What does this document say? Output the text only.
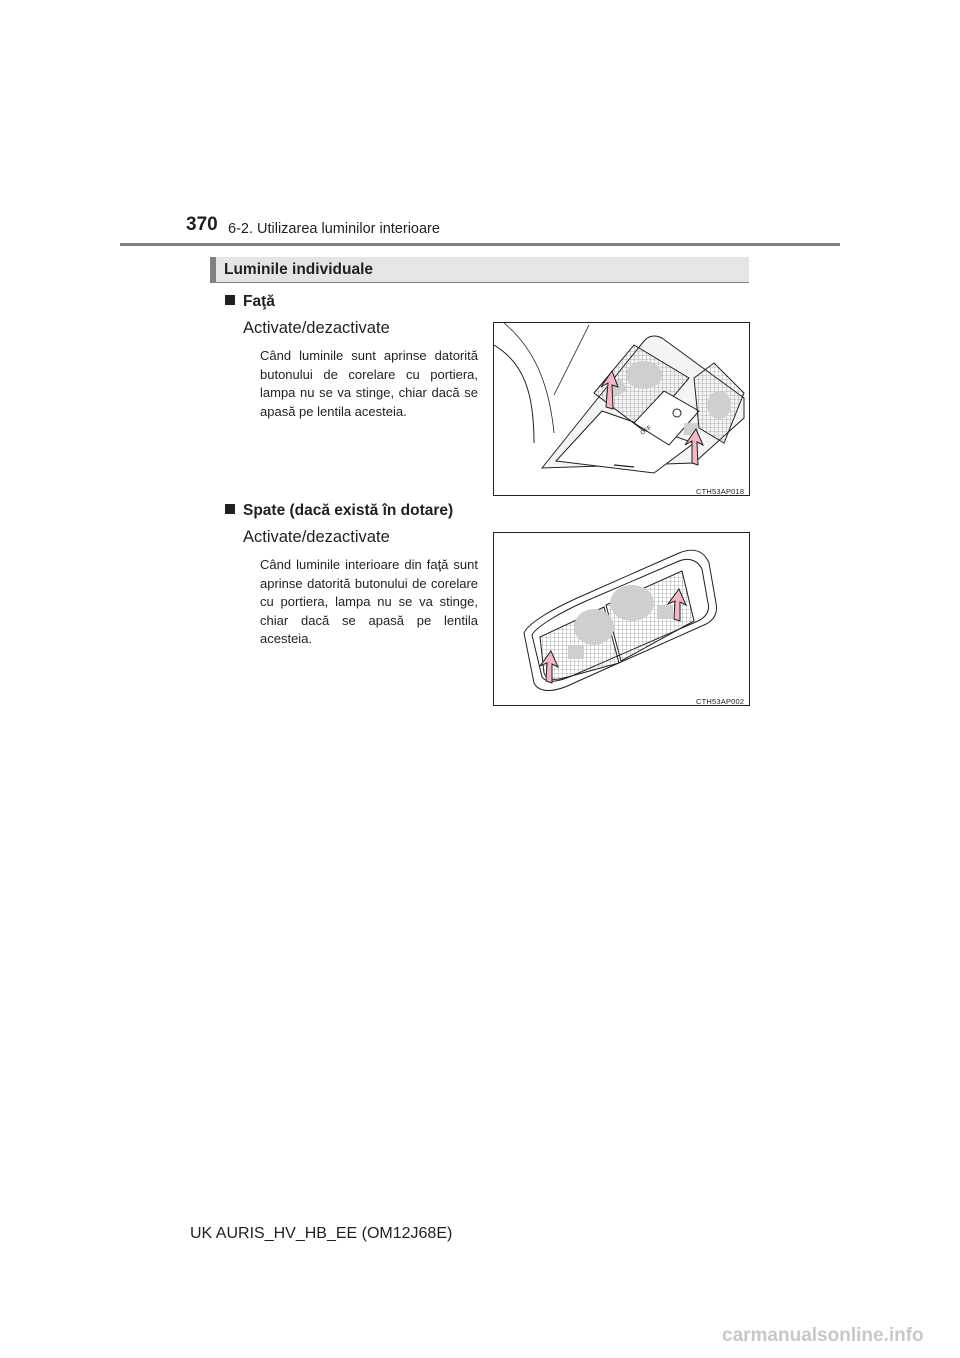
370 6-2. Utilizarea luminilor interioare
Luminile individuale
Faţă
Activate/dezactivate
Când luminile sunt aprinse datorită butonului de corelare cu portiera, lampa nu se va stinge, chiar dacă se apasă pe lentila acesteia.
OFF
CTH53AP018
Spate (dacă există în dotare)
Activate/dezactivate
Când luminile interioare din faţă sunt aprinse datorită butonului de corelare cu portiera, lampa nu se va stinge, chiar dacă se apasă pe lentila acesteia.
CTH53AP002
UK AURIS_HV_HB_EE (OM12J68E)
carmanualsonline.info
